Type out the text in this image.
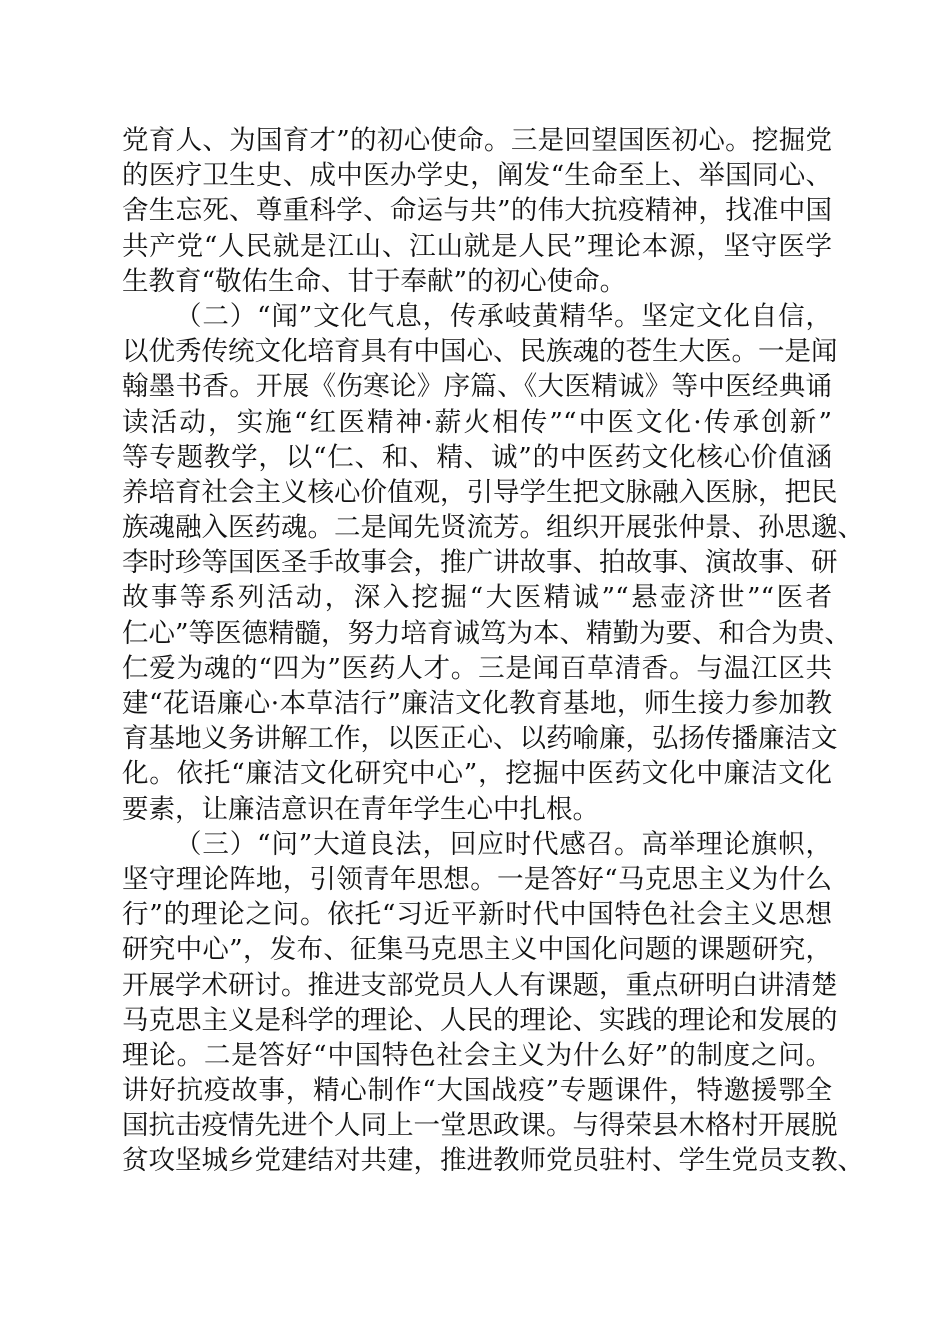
党育人、为国育才”的初心使命。三是回望国医初心。挖掘党
的医疗卫生史、成中医办学史，阐发“生命至上、举国同心、
舍生忘死、尊重科学、命运与共”的伟大抗疫精神，找准中国
共产党“人民就是江山、江山就是人民”理论本源，坚守医学
生教育“敬佑生命、甘于奉献”的初心使命。
（二）“闻”文化气息，传承岐黄精华。坚定文化自信，
以优秀传统文化培育具有中国心、民族魂的苍生大医。一是闻
翰墨书香。开展《伤寒论》序篇、《大医精诚》等中医经典诵
读活动，实施“红医精神·薪火相传”“中医文化·传承创新”
等专题教学，以“仁、和、精、诚”的中医药文化核心价值涵
养培育社会主义核心价值观，引导学生把文脉融入医脉，把民
族魂融入医药魂。二是闻先贤流芳。组织开展张仲景、孙思邈、
李时珍等国医圣手故事会，推广讲故事、拍故事、演故事、研
故事等系列活动，深入挖掘“大医精诚”“悬壶济世”“医者
仁心”等医德精髓，努力培育诚笃为本、精勤为要、和合为贵、
仁爱为魂的“四为”医药人才。三是闻百草清香。与温江区共
建“花语廉心·本草洁行”廉洁文化教育基地，师生接力参加教
育基地义务讲解工作，以医正心、以药喻廉，弘扬传播廉洁文
化。依托“廉洁文化研究中心”，挖掘中医药文化中廉洁文化
要素，让廉洁意识在青年学生心中扎根。
（三）“问”大道良法，回应时代感召。高举理论旗帜，
坚守理论阵地，引领青年思想。一是答好“马克思主义为什么
行”的理论之问。依托“习近平新时代中国特色社会主义思想
研究中心”，发布、征集马克思主义中国化问题的课题研究，
开展学术研讨。推进支部党员人人有课题，重点研明白讲清楚
马克思主义是科学的理论、人民的理论、实践的理论和发展的
理论。二是答好“中国特色社会主义为什么好”的制度之问。
讲好抗疫故事，精心制作“大国战疫”专题课件，特邀援鄂全
国抗击疫情先进个人同上一堂思政课。与得荣县木格村开展脱
贫攻坚城乡党建结对共建，推进教师党员驻村、学生党员支教、
